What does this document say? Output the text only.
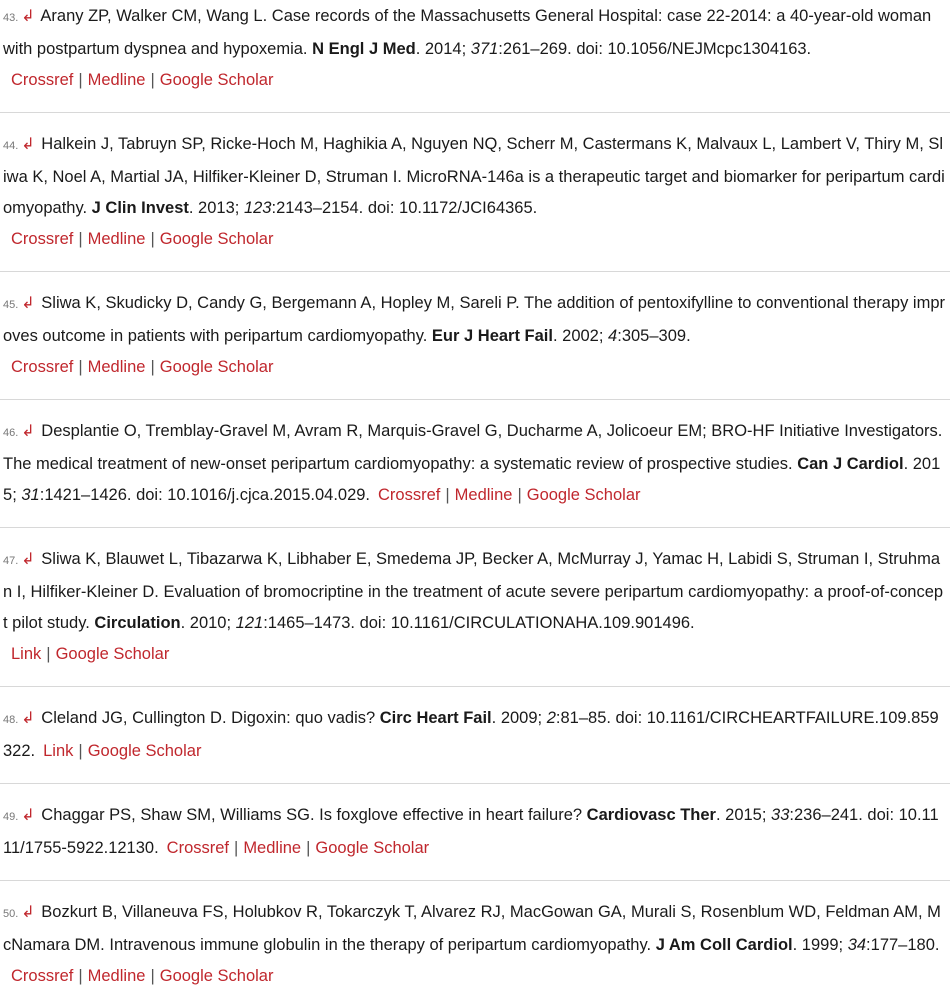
43. ↲ Arany ZP, Walker CM, Wang L. Case records of the Massachusetts General Hospital: case 22-2014: a 40-year-old woman with postpartum dyspnea and hypoxemia. N Engl J Med. 2014; 371:261–269. doi: 10.1056/NEJMcpc1304163.
Crossref | Medline | Google Scholar
44. ↲ Halkein J, Tabruyn SP, Ricke-Hoch M, Haghikia A, Nguyen NQ, Scherr M, Castermans K, Malvaux L, Lambert V, Thiry M, Sliwa K, Noel A, Martial JA, Hilfiker-Kleiner D, Struman I. MicroRNA-146a is a therapeutic target and biomarker for peripartum cardiomyopathy. J Clin Invest. 2013; 123:2143–2154. doi: 10.1172/JCI64365.
Crossref | Medline | Google Scholar
45. ↲ Sliwa K, Skudicky D, Candy G, Bergemann A, Hopley M, Sareli P. The addition of pentoxifylline to conventional therapy improves outcome in patients with peripartum cardiomyopathy. Eur J Heart Fail. 2002; 4:305–309.
Crossref | Medline | Google Scholar
46. ↲ Desplantie O, Tremblay-Gravel M, Avram R, Marquis-Gravel G, Ducharme A, Jolicoeur EM; BRO-HF Initiative Investigators. The medical treatment of new-onset peripartum cardiomyopathy: a systematic review of prospective studies. Can J Cardiol. 2015; 31:1421–1426. doi: 10.1016/j.cjca.2015.04.029. Crossref | Medline | Google Scholar
47. ↲ Sliwa K, Blauwet L, Tibazarwa K, Libhaber E, Smedema JP, Becker A, McMurray J, Yamac H, Labidi S, Struman I, Struhman I, Hilfiker-Kleiner D. Evaluation of bromocriptine in the treatment of acute severe peripartum cardiomyopathy: a proof-of-concept pilot study. Circulation. 2010; 121:1465–1473. doi: 10.1161/CIRCULATIONAHA.109.901496.
Link | Google Scholar
48. ↲ Cleland JG, Cullington D. Digoxin: quo vadis? Circ Heart Fail. 2009; 2:81–85. doi: 10.1161/CIRCHEARTFAILURE.109.859322. Link | Google Scholar
49. ↲ Chaggar PS, Shaw SM, Williams SG. Is foxglove effective in heart failure? Cardiovasc Ther. 2015; 33:236–241. doi: 10.1111/1755-5922.12130. Crossref | Medline | Google Scholar
50. ↲ Bozkurt B, Villaneuva FS, Holubkov R, Tokarczyk T, Alvarez RJ, MacGowan GA, Murali S, Rosenblum WD, Feldman AM, McNamara DM. Intravenous immune globulin in the therapy of peripartum cardiomyopathy. J Am Coll Cardiol. 1999; 34:177–180.Crossref | Medline | Google Scholar
